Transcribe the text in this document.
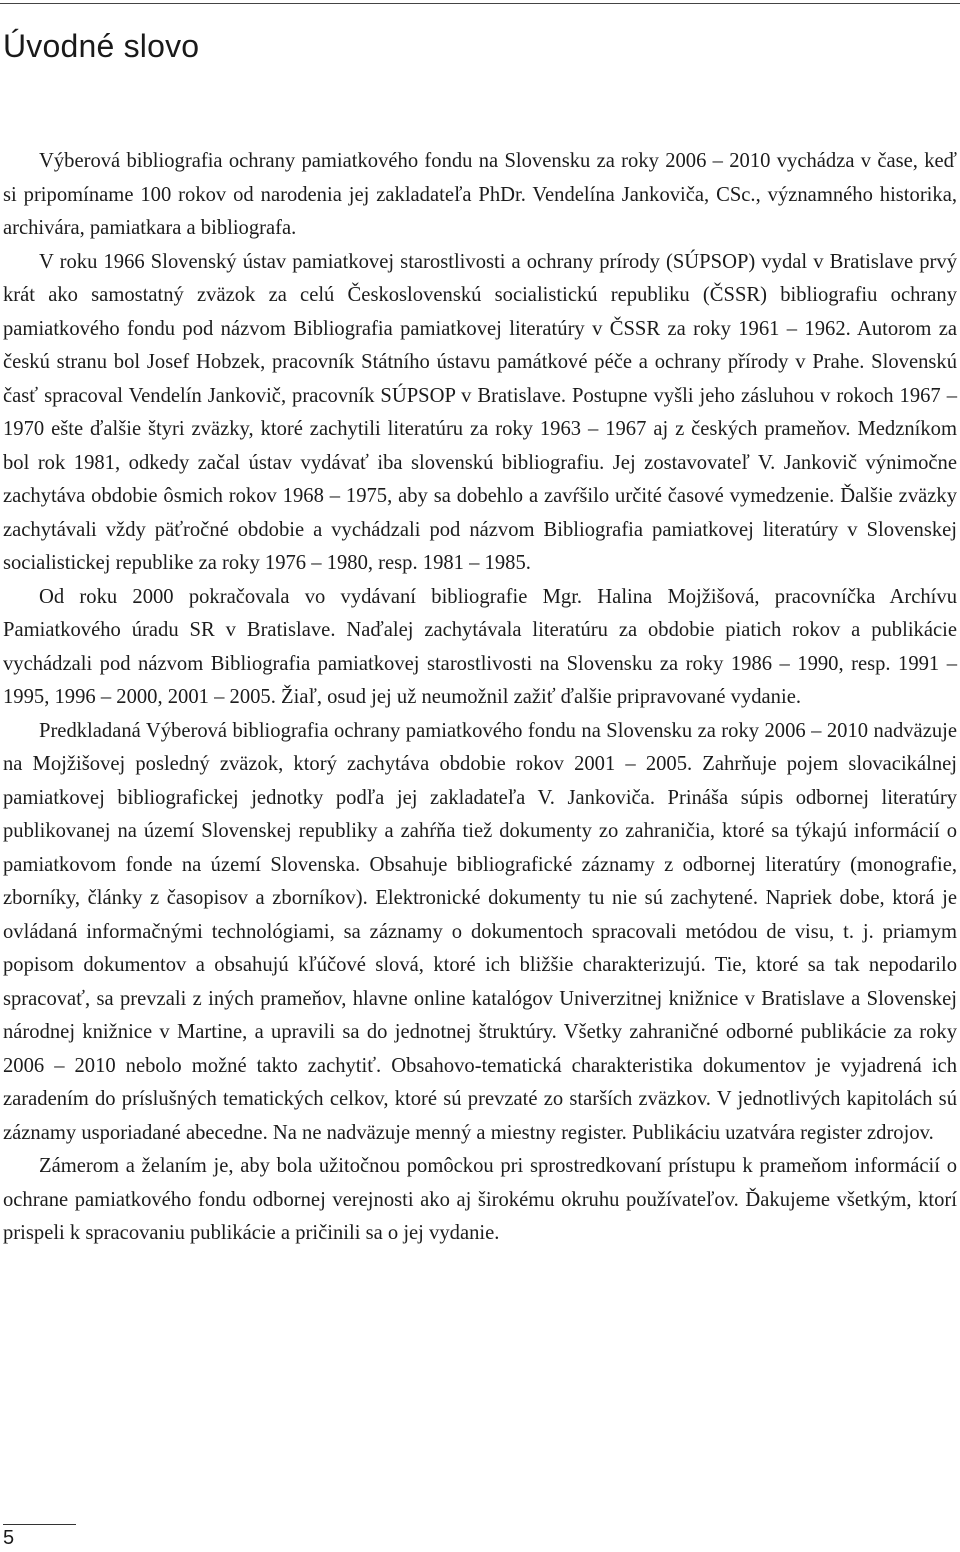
Úvodné slovo

Výberová bibliografia ochrany pamiatkového fondu na Slovensku za roky 2006 – 2010 vychádza v čase, keď si pripomíname 100 rokov od narodenia jej zakladateľa PhDr. Vendelína Jankoviča, CSc., významného historika, archivára, pamiatkara a bibliografa.

V roku 1966 Slovenský ústav pamiatkovej starostlivosti a ochrany prírody (SÚPSOP) vydal v Bratislave prvý krát ako samostatný zväzok za celú Československú socialistickú republiku (ČSSR) bibliografiu ochrany pamiatkového fondu pod názvom Bibliografia pamiatkovej literatúry v ČSSR za roky 1961 – 1962. Autorom za českú stranu bol Josef Hobzek, pracovník Státního ústavu památkové péče a ochrany přírody v Prahe. Slovenskú časť spracoval Vendelín Jankovič, pracovník SÚPSOP v Bratislave. Postupne vyšli jeho zásluhou v rokoch 1967 – 1970 ešte ďalšie štyri zväzky, ktoré zachytili literatúru za roky 1963 – 1967 aj z českých prameňov. Medzníkom bol rok 1981, odkedy začal ústav vydávať iba slovenskú bibliografiu. Jej zostavovateľ V. Jankovič výnimočne zachytáva obdobie ôsmich rokov 1968 – 1975, aby sa dobehlo a zavŕšilo určité časové vymedzenie. Ďalšie zväzky zachytávali vždy päťročné obdobie a vychádzali pod názvom Bibliografia pamiatkovej literatúry v Slovenskej socialistickej republike za roky 1976 – 1980, resp. 1981 – 1985.

Od roku 2000 pokračovala vo vydávaní bibliografie Mgr. Halina Mojžišová, pracovníčka Archívu Pamiatkového úradu SR v Bratislave. Naďalej zachytávala literatúru za obdobie piatich rokov a publikácie vychádzali pod názvom Bibliografia pamiatkovej starostlivosti na Slovensku za roky 1986 – 1990, resp. 1991 – 1995, 1996 – 2000, 2001 – 2005. Žiaľ, osud jej už neumožnil zažiť ďalšie pripravované vydanie.

Predkladaná Výberová bibliografia ochrany pamiatkového fondu na Slovensku za roky 2006 – 2010 nadväzuje na Mojžišovej posledný zväzok, ktorý zachytáva obdobie rokov 2001 – 2005. Zahrňuje pojem slovacikálnej pamiatkovej bibliografickej jednotky podľa jej zakladateľa V. Jankoviča. Prináša súpis odbornej literatúry publikovanej na území Slovenskej republiky a zahŕňa tiež dokumenty zo zahraničia, ktoré sa týkajú informácií o pamiatkovom fonde na území Slovenska. Obsahuje bibliografické záznamy z odbornej literatúry (monografie, zborníky, články z časopisov a zborníkov). Elektronické dokumenty tu nie sú zachytené. Napriek dobe, ktorá je ovládaná informačnými technológiami, sa záznamy o dokumentoch spracovali metódou de visu, t. j. priamym popisom dokumentov a obsahujú kľúčové slová, ktoré ich bližšie charakterizujú. Tie, ktoré sa tak nepodarilo spracovať, sa prevzali z iných prameňov, hlavne online katalógov Univerzitnej knižnice v Bratislave a Slovenskej národnej knižnice v Martine, a upravili sa do jednotnej štruktúry. Všetky zahraničné odborné publikácie za roky 2006 – 2010 nebolo možné takto zachytiť. Obsahovo-tematická charakteristika dokumentov je vyjadrená ich zaradením do príslušných tematických celkov, ktoré sú prevzaté zo starších zväzkov. V jednotlivých kapitolách sú záznamy usporiadané abecedne. Na ne nadväzuje menný a miestny register. Publikáciu uzatvára register zdrojov.

Zámerom a želaním je, aby bola užitočnou pomôckou pri sprostredkovaní prístupu k prameňom informácií o ochrane pamiatkového fondu odbornej verejnosti ako aj širokému okruhu používateľov. Ďakujeme všetkým, ktorí prispeli k spracovaniu publikácie a pričinili sa o jej vydanie.

5
